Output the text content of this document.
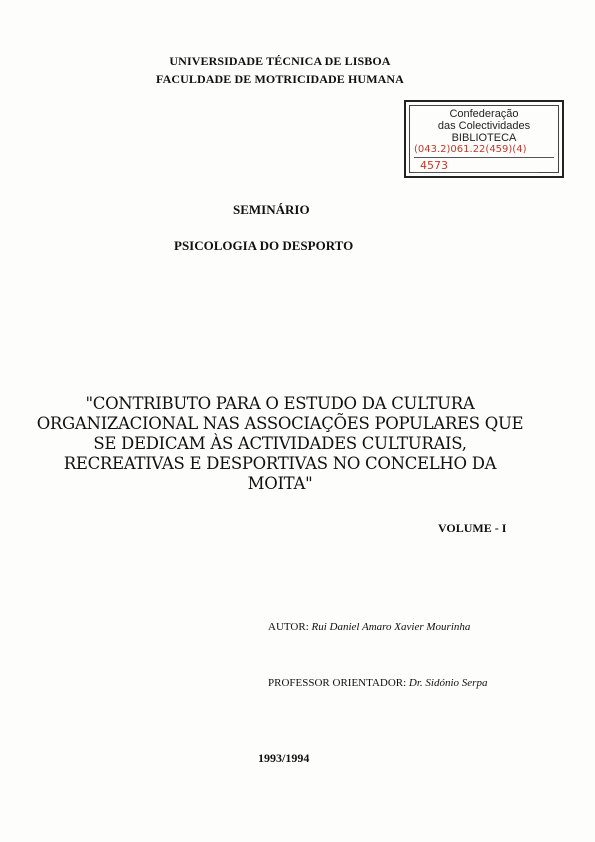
UNIVERSIDADE TÉCNICA DE LISBOA
FACULDADE DE MOTRICIDADE HUMANA
Confederação
das Colectividades
BIBLIOTECA
(043.2)061.22(459)(4)
4573
SEMINÁRIO
PSICOLOGIA DO DESPORTO
"CONTRIBUTO PARA O ESTUDO DA CULTURA
ORGANIZACIONAL NAS ASSOCIAÇÕES POPULARES QUE
SE DEDICAM ÀS ACTIVIDADES CULTURAIS,
RECREATIVAS E DESPORTIVAS NO CONCELHO DA
MOITA"
VOLUME - I
AUTOR: Rui Daniel Amaro Xavier Mourinha
PROFESSOR ORIENTADOR: Dr. Sidónio Serpa
1993/1994
